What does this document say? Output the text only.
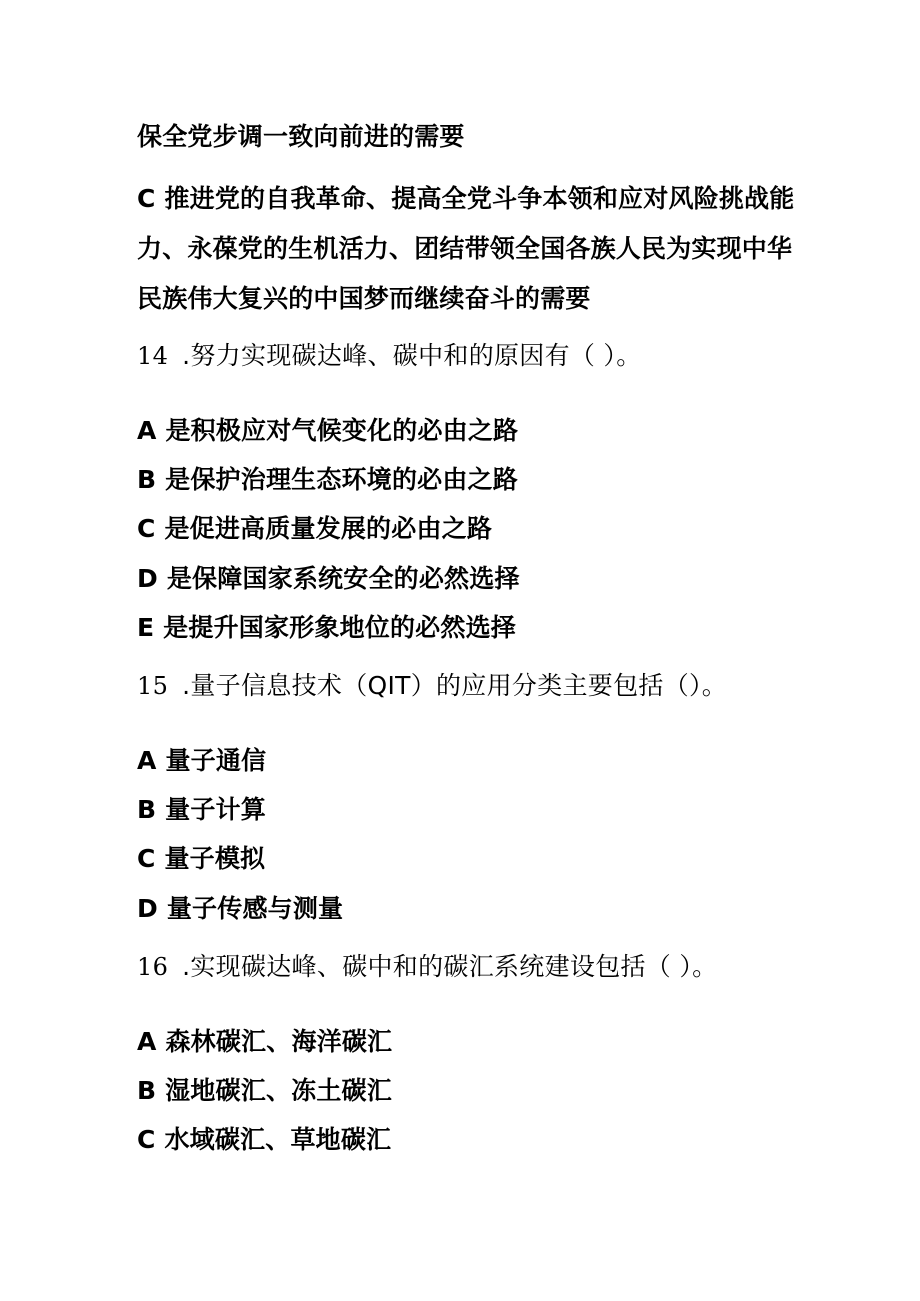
保全党步调一致向前进的需要
C 推进党的自我革命、提高全党斗争本领和应对风险挑战能
力、永葆党的生机活力、团结带领全国各族人民为实现中华
民族伟大复兴的中国梦而继续奋斗的需要
14 .努力实现碳达峰、碳中和的原因有（ ）。
A 是积极应对气候变化的必由之路
B 是保护治理生态环境的必由之路
C 是促进高质量发展的必由之路
D 是保障国家系统安全的必然选择
E 是提升国家形象地位的必然选择
15 .量子信息技术（QIT）的应用分类主要包括（）。
A 量子通信
B 量子计算
C 量子模拟
D 量子传感与测量
16 .实现碳达峰、碳中和的碳汇系统建设包括（ ）。
A 森林碳汇、海洋碳汇
B 湿地碳汇、冻土碳汇
C 水域碳汇、草地碳汇
